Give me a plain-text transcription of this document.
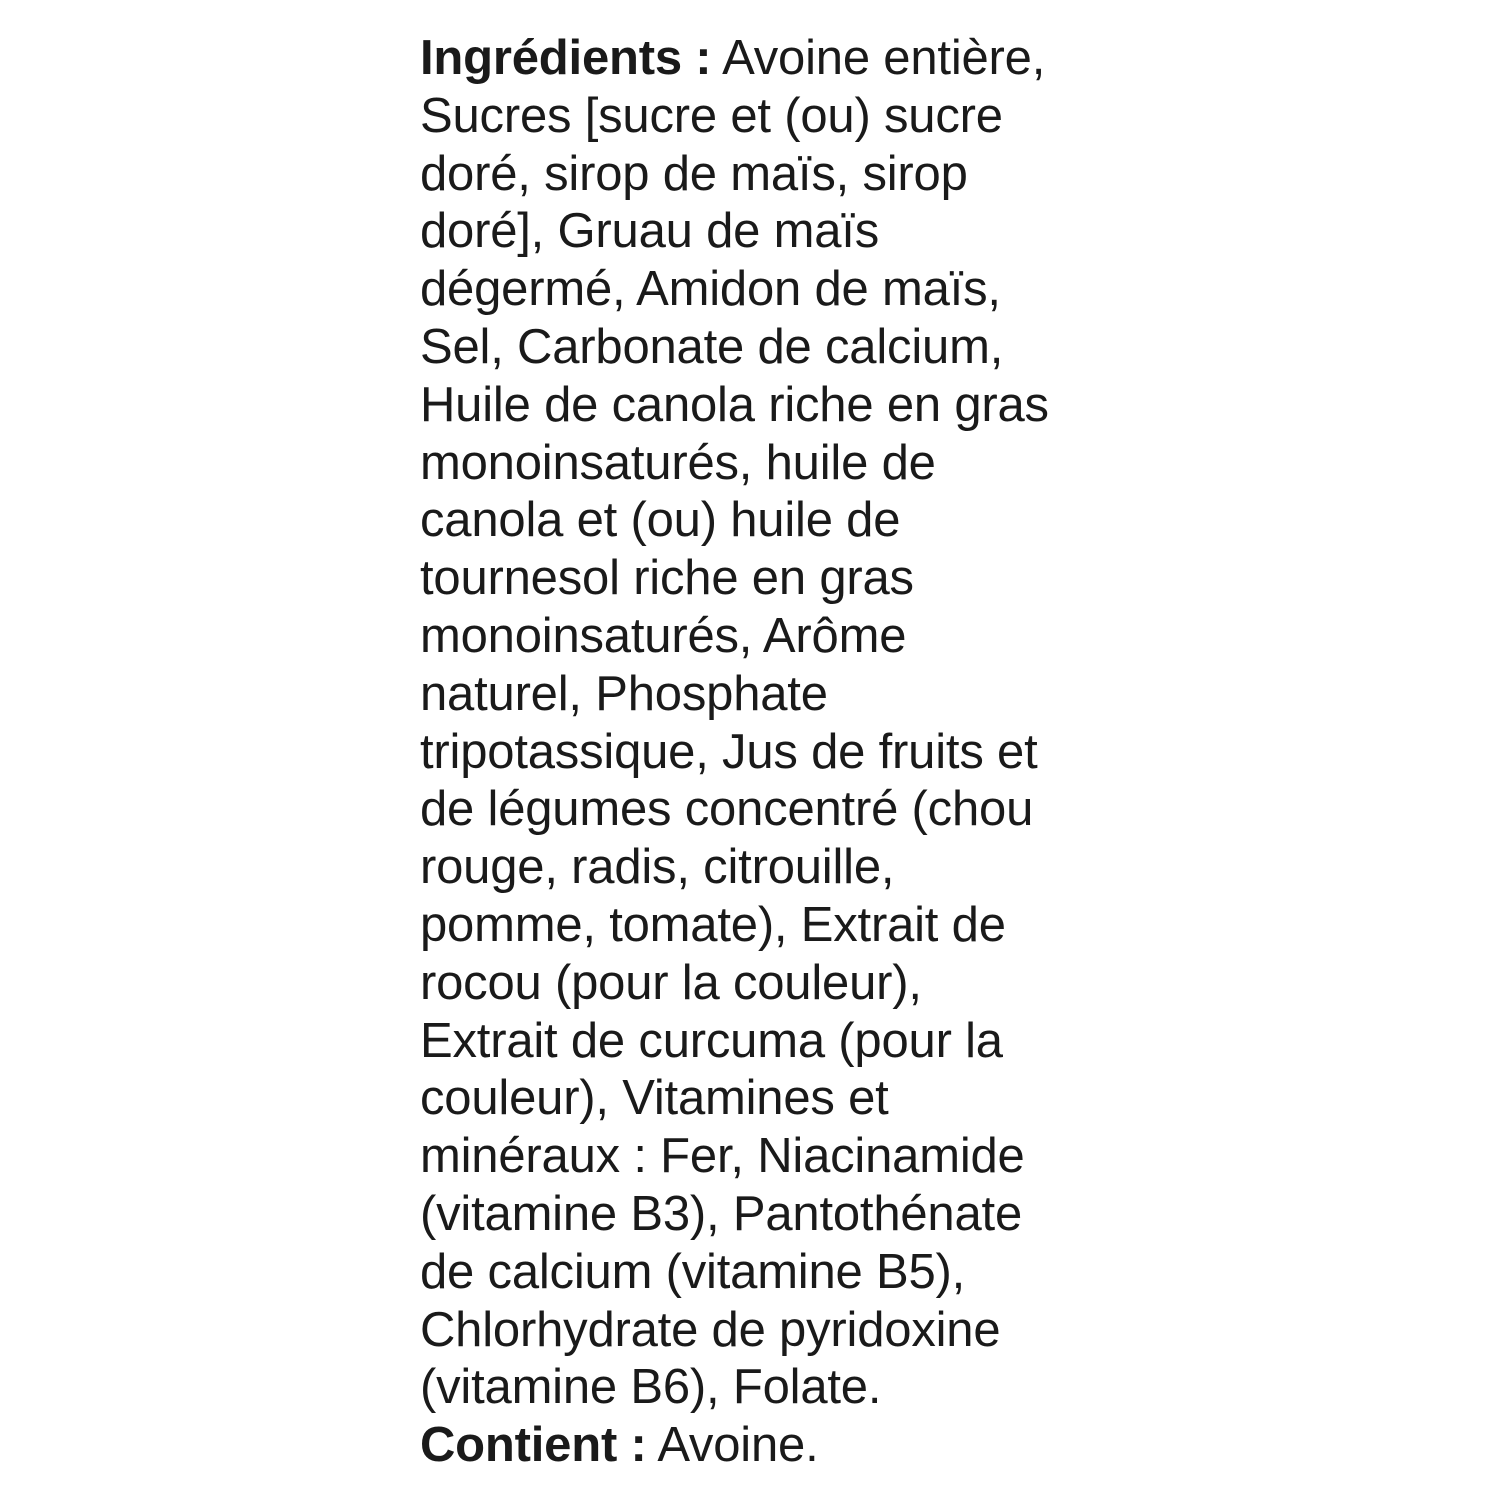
Ingrédients : Avoine entière,
Sucres [sucre et (ou) sucre
doré, sirop de maïs, sirop
doré], Gruau de maïs
dégermé, Amidon de maïs,
Sel, Carbonate de calcium,
Huile de canola riche en gras
monoinsaturés, huile de
canola et (ou) huile de
tournesol riche en gras
monoinsaturés, Arôme
naturel, Phosphate
tripotassique, Jus de fruits et
de légumes concentré (chou
rouge, radis, citrouille,
pomme, tomate), Extrait de
rocou (pour la couleur),
Extrait de curcuma (pour la
couleur), Vitamines et
minéraux : Fer, Niacinamide
(vitamine B3), Pantothénate
de calcium (vitamine B5),
Chlorhydrate de pyridoxine
(vitamine B6), Folate.
Contient : Avoine.
